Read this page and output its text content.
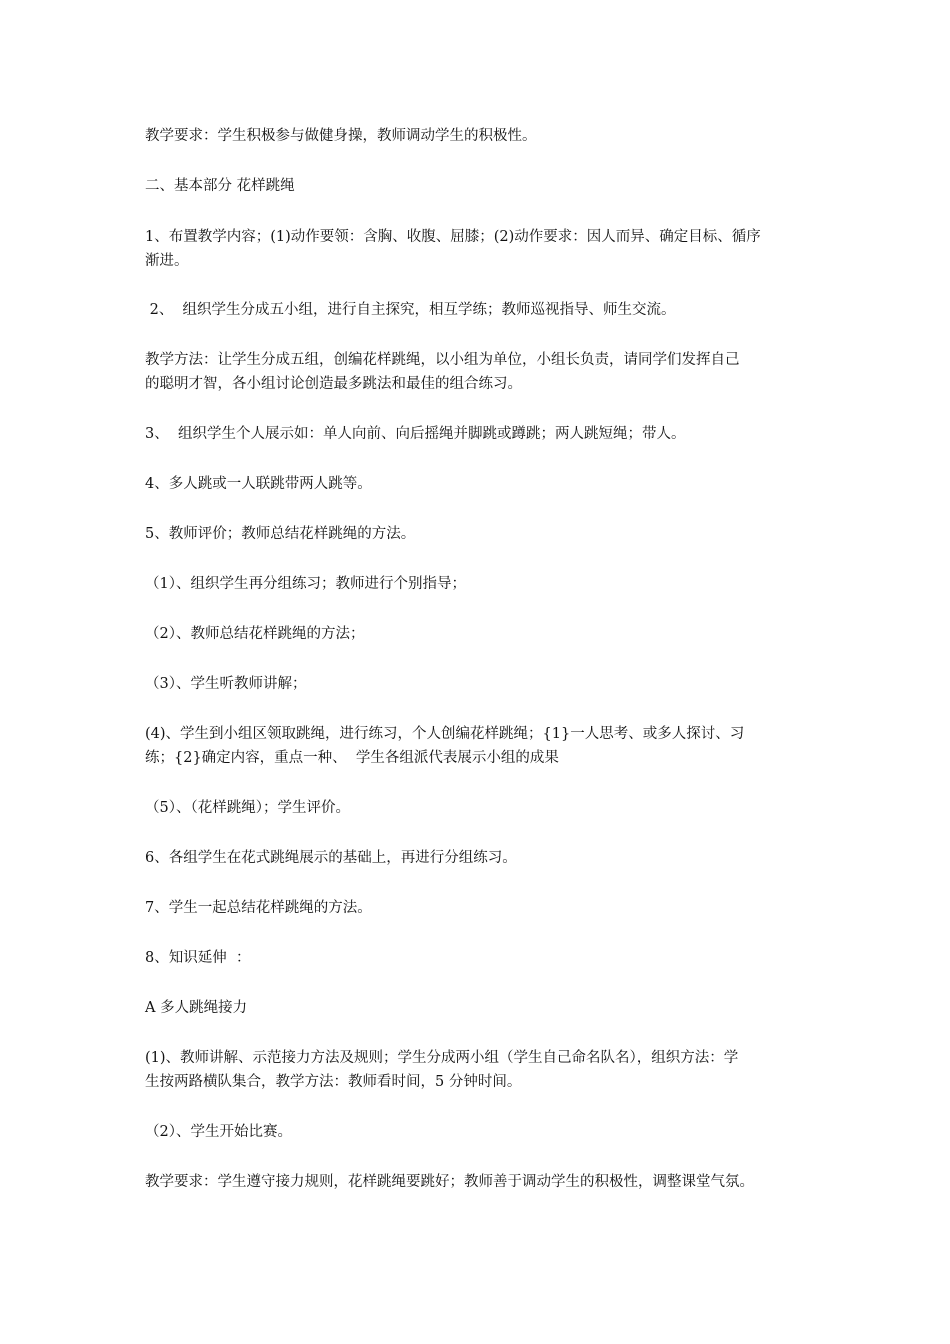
教学要求：学生积极参与做健身操，教师调动学生的积极性。

二、基本部分 花样跳绳

1、布置教学内容；(1)动作要领：含胸、收腹、屈膝；(2)动作要求：因人而异、确定目标、循序
渐进。

2、  组织学生分成五小组，进行自主探究，相互学练；教师巡视指导、师生交流。

教学方法：让学生分成五组，创编花样跳绳，以小组为单位，小组长负责，请同学们发挥自己
的聪明才智，各小组讨论创造最多跳法和最佳的组合练习。

3、  组织学生个人展示如：单人向前、向后摇绳并脚跳或蹲跳；两人跳短绳；带人。

4、多人跳或一人联跳带两人跳等。

5、教师评价；教师总结花样跳绳的方法。

（1）、组织学生再分组练习；教师进行个别指导；

（2）、教师总结花样跳绳的方法；

（3）、学生听教师讲解；

(4)、学生到小组区领取跳绳，进行练习，个人创编花样跳绳；{1}一人思考、或多人探讨、习
练；{2}确定内容，重点一种、  学生各组派代表展示小组的成果

（5）、（花样跳绳）；学生评价。

6、各组学生在花式跳绳展示的基础上，再进行分组练习。

7、学生一起总结花样跳绳的方法。

8、知识延伸  ：

A 多人跳绳接力

(1)、教师讲解、示范接力方法及规则；学生分成两小组（学生自己命名队名），组织方法：学
生按两路横队集合，教学方法：教师看时间，5 分钟时间。

（2）、学生开始比赛。

教学要求：学生遵守接力规则，花样跳绳要跳好；教师善于调动学生的积极性，调整课堂气氛。
